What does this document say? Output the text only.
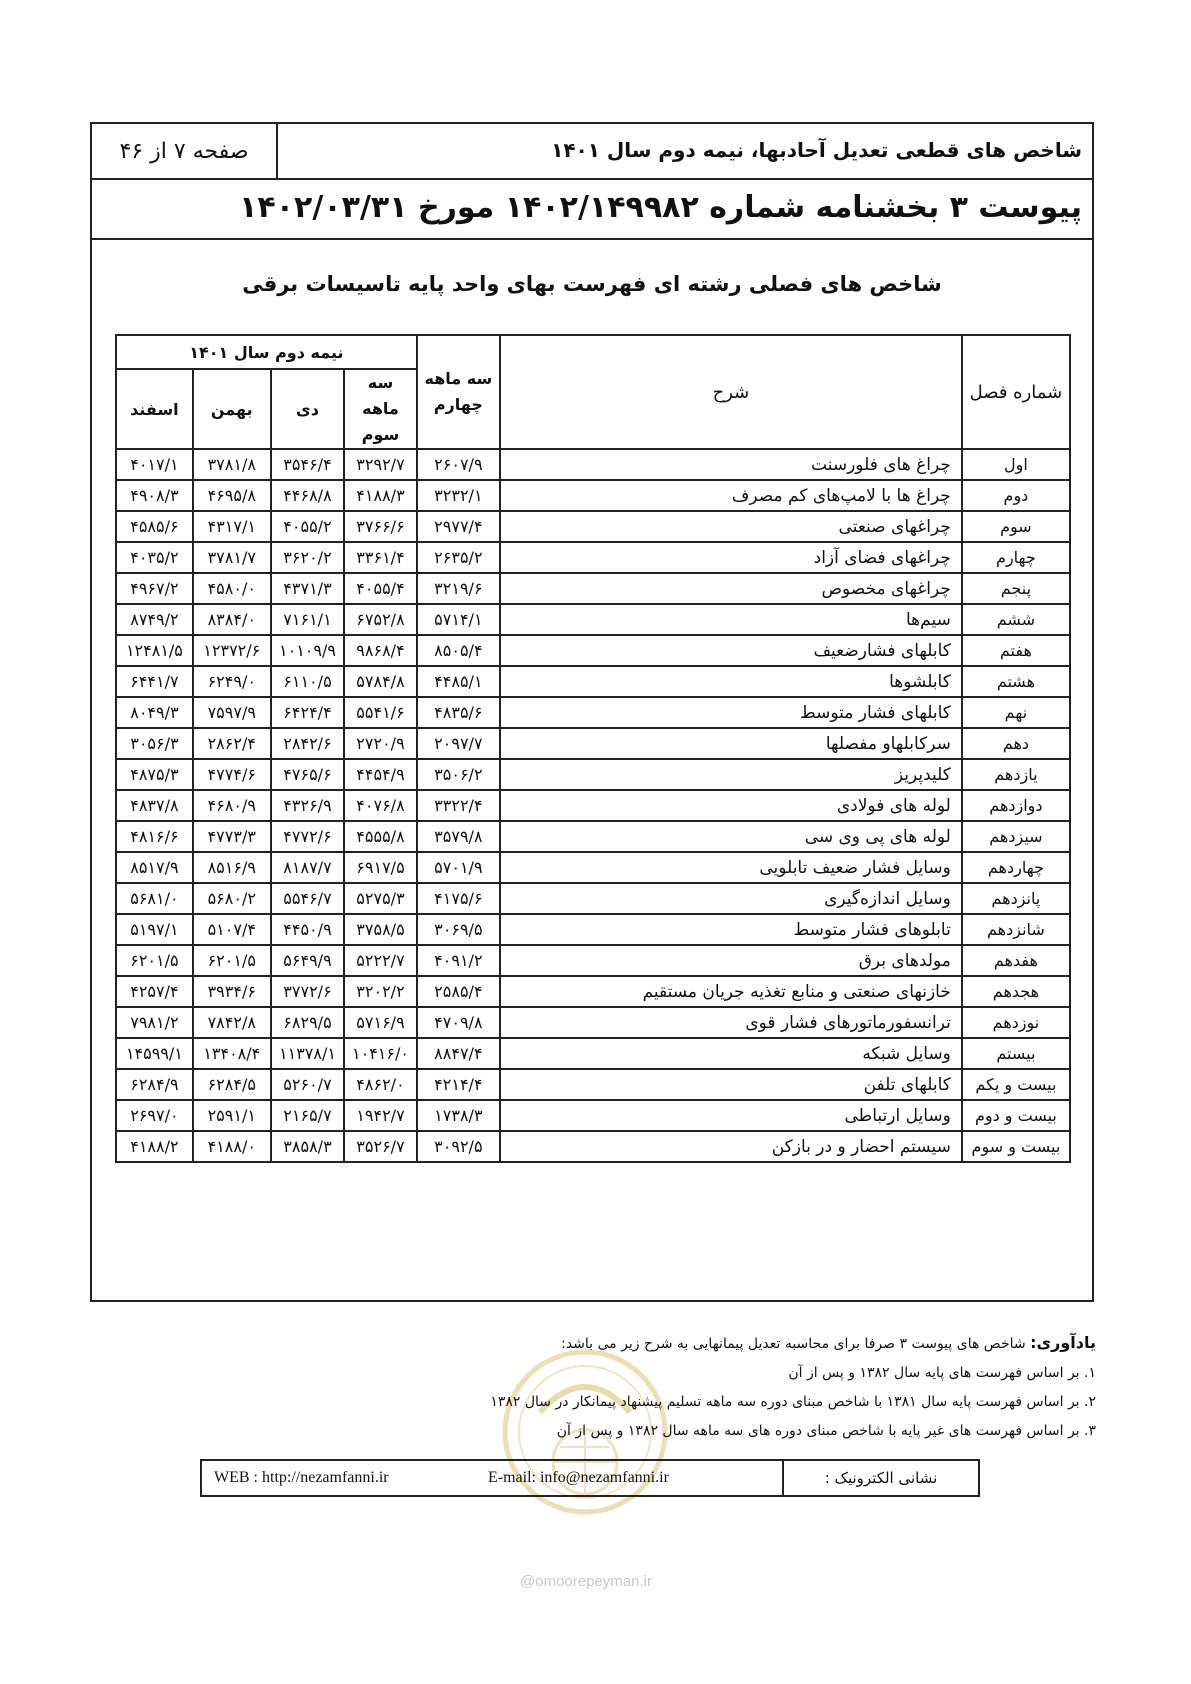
شاخص های قطعی تعدیل آحادبها، نیمه دوم سال ۱۴۰۱
صفحه ۷ از ۴۶
پیوست ۳ بخشنامه شماره ۱۴۰۲/۱۴۹۹۸۲ مورخ ۱۴۰۲/۰۳/۳۱
شاخص های فصلی رشته ای فهرست بهای واحد پایه تاسیسات برقی
شماره فصل	شرح	سه ماهه چهارم	نیمه دوم سال ۱۴۰۱			
			سه ماهه سوم	دی	بهمن	اسفند
اول	چراغ های فلورسنت	۲۶۰۷/۹	۳۲۹۲/۷	۳۵۴۶/۴	۳۷۸۱/۸	۴۰۱۷/۱
دوم	چراغ ها با لامپ‌های کم مصرف	۳۲۳۲/۱	۴۱۸۸/۳	۴۴۶۸/۸	۴۶۹۵/۸	۴۹۰۸/۳
سوم	چراغهای صنعتی	۲۹۷۷/۴	۳۷۶۶/۶	۴۰۵۵/۲	۴۳۱۷/۱	۴۵۸۵/۶
چهارم	چراغهای فضای آزاد	۲۶۳۵/۲	۳۳۶۱/۴	۳۶۲۰/۲	۳۷۸۱/۷	۴۰۳۵/۲
پنجم	چراغهای مخصوص	۳۲۱۹/۶	۴۰۵۵/۴	۴۳۷۱/۳	۴۵۸۰/۰	۴۹۶۷/۲
ششم	سیم‌ها	۵۷۱۴/۱	۶۷۵۲/۸	۷۱۶۱/۱	۸۳۸۴/۰	۸۷۴۹/۲
هفتم	کابلهای فشارضعیف	۸۵۰۵/۴	۹۸۶۸/۴	۱۰۱۰۹/۹	۱۲۳۷۲/۶	۱۲۴۸۱/۵
هشتم	کابلشوها	۴۴۸۵/۱	۵۷۸۴/۸	۶۱۱۰/۵	۶۲۴۹/۰	۶۴۴۱/۷
نهم	کابلهای فشار متوسط	۴۸۳۵/۶	۵۵۴۱/۶	۶۴۲۴/۴	۷۵۹۷/۹	۸۰۴۹/۳
دهم	سرکابلهاو مفصلها	۲۰۹۷/۷	۲۷۲۰/۹	۲۸۴۲/۶	۲۸۶۲/۴	۳۰۵۶/۳
یازدهم	کلیدپریز	۳۵۰۶/۲	۴۴۵۴/۹	۴۷۶۵/۶	۴۷۷۴/۶	۴۸۷۵/۳
دوازدهم	لوله های فولادی	۳۳۲۲/۴	۴۰۷۶/۸	۴۳۲۶/۹	۴۶۸۰/۹	۴۸۳۷/۸
سیزدهم	لوله های پی‌ وی‌ سی	۳۵۷۹/۸	۴۵۵۵/۸	۴۷۷۲/۶	۴۷۷۳/۳	۴۸۱۶/۶
چهاردهم	وسایل فشار ضعیف تابلویی	۵۷۰۱/۹	۶۹۱۷/۵	۸۱۸۷/۷	۸۵۱۶/۹	۸۵۱۷/۹
پانزدهم	وسایل اندازه‌گیری	۴۱۷۵/۶	۵۲۷۵/۳	۵۵۴۶/۷	۵۶۸۰/۲	۵۶۸۱/۰
شانزدهم	تابلوهای فشار متوسط	۳۰۶۹/۵	۳۷۵۸/۵	۴۴۵۰/۹	۵۱۰۷/۴	۵۱۹۷/۱
هفدهم	مولدهای برق	۴۰۹۱/۲	۵۲۲۲/۷	۵۶۴۹/۹	۶۲۰۱/۵	۶۲۰۱/۵
هجدهم	خازنهای صنعتی و منابع تغذیه جریان مستقیم	۲۵۸۵/۴	۳۲۰۲/۲	۳۷۷۲/۶	۳۹۳۴/۶	۴۲۵۷/۴
نوزدهم	ترانسفورماتورهای فشار قوی	۴۷۰۹/۸	۵۷۱۶/۹	۶۸۲۹/۵	۷۸۴۲/۸	۷۹۸۱/۲
بیستم	وسایل شبکه	۸۸۴۷/۴	۱۰۴۱۶/۰	۱۱۳۷۸/۱	۱۳۴۰۸/۴	۱۴۵۹۹/۱
بیست و یکم	کابلهای تلفن	۴۲۱۴/۴	۴۸۶۲/۰	۵۲۶۰/۷	۶۲۸۴/۵	۶۲۸۴/۹
بیست و دوم	وسایل ارتباطی	۱۷۳۸/۳	۱۹۴۲/۷	۲۱۶۵/۷	۲۵۹۱/۱	۲۶۹۷/۰
بیست و سوم	سیستم احضار و در بازکن	۳۰۹۲/۵	۳۵۲۶/۷	۳۸۵۸/۳	۴۱۸۸/۰	۴۱۸۸/۲
یادآوری: شاخص های پیوست ۳ صرفا برای محاسبه تعدیل پیمانهایی به شرح زیر می باشد:
۱. بر اساس فهرست های پایه سال ۱۳۸۲ و پس از آن
۲. بر اساس فهرست پایه سال ۱۳۸۱ با شاخص مبنای دوره سه ماهه تسلیم پیشنهاد پیمانکار در سال ۱۳۸۲
۳. بر اساس فهرست های غیر پایه با شاخص مبنای دوره های سه ماهه سال ۱۳۸۲ و پس از آن
نشانی الکترونیک :
E-mail: info@nezamfanni.ir
WEB : http://nezamfanni.ir
@omoorepeyman.ir
